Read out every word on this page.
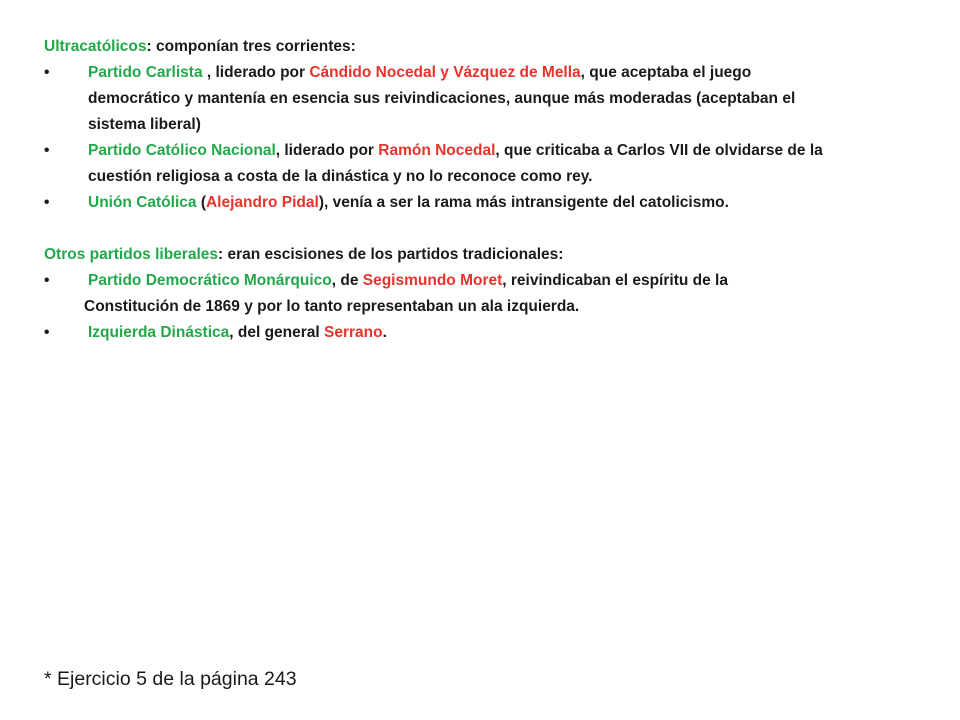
Ultracatólicos: componían tres corrientes:

•	Partido Carlista , liderado por Cándido Nocedal y Vázquez de Mella, que aceptaba el juego
democrático y mantenía en esencia sus reivindicaciones, aunque más moderadas (aceptaban el
sistema liberal)
•	Partido Católico Nacional, liderado por Ramón Nocedal, que criticaba a Carlos VII de olvidarse de la
cuestión religiosa a costa de la dinástica y no lo reconoce como rey.
•	Unión Católica (Alejandro Pidal), venía a ser la rama más intransigente del catolicismo.

Otros partidos liberales: eran escisiones de los partidos tradicionales:

•	Partido Democrático Monárquico, de Segismundo Moret, reivindicaban el espíritu de la
Constitución de 1869 y por lo tanto representaban un ala izquierda.
•	Izquierda Dinástica, del general Serrano.
* Ejercicio 5 de la página 243
